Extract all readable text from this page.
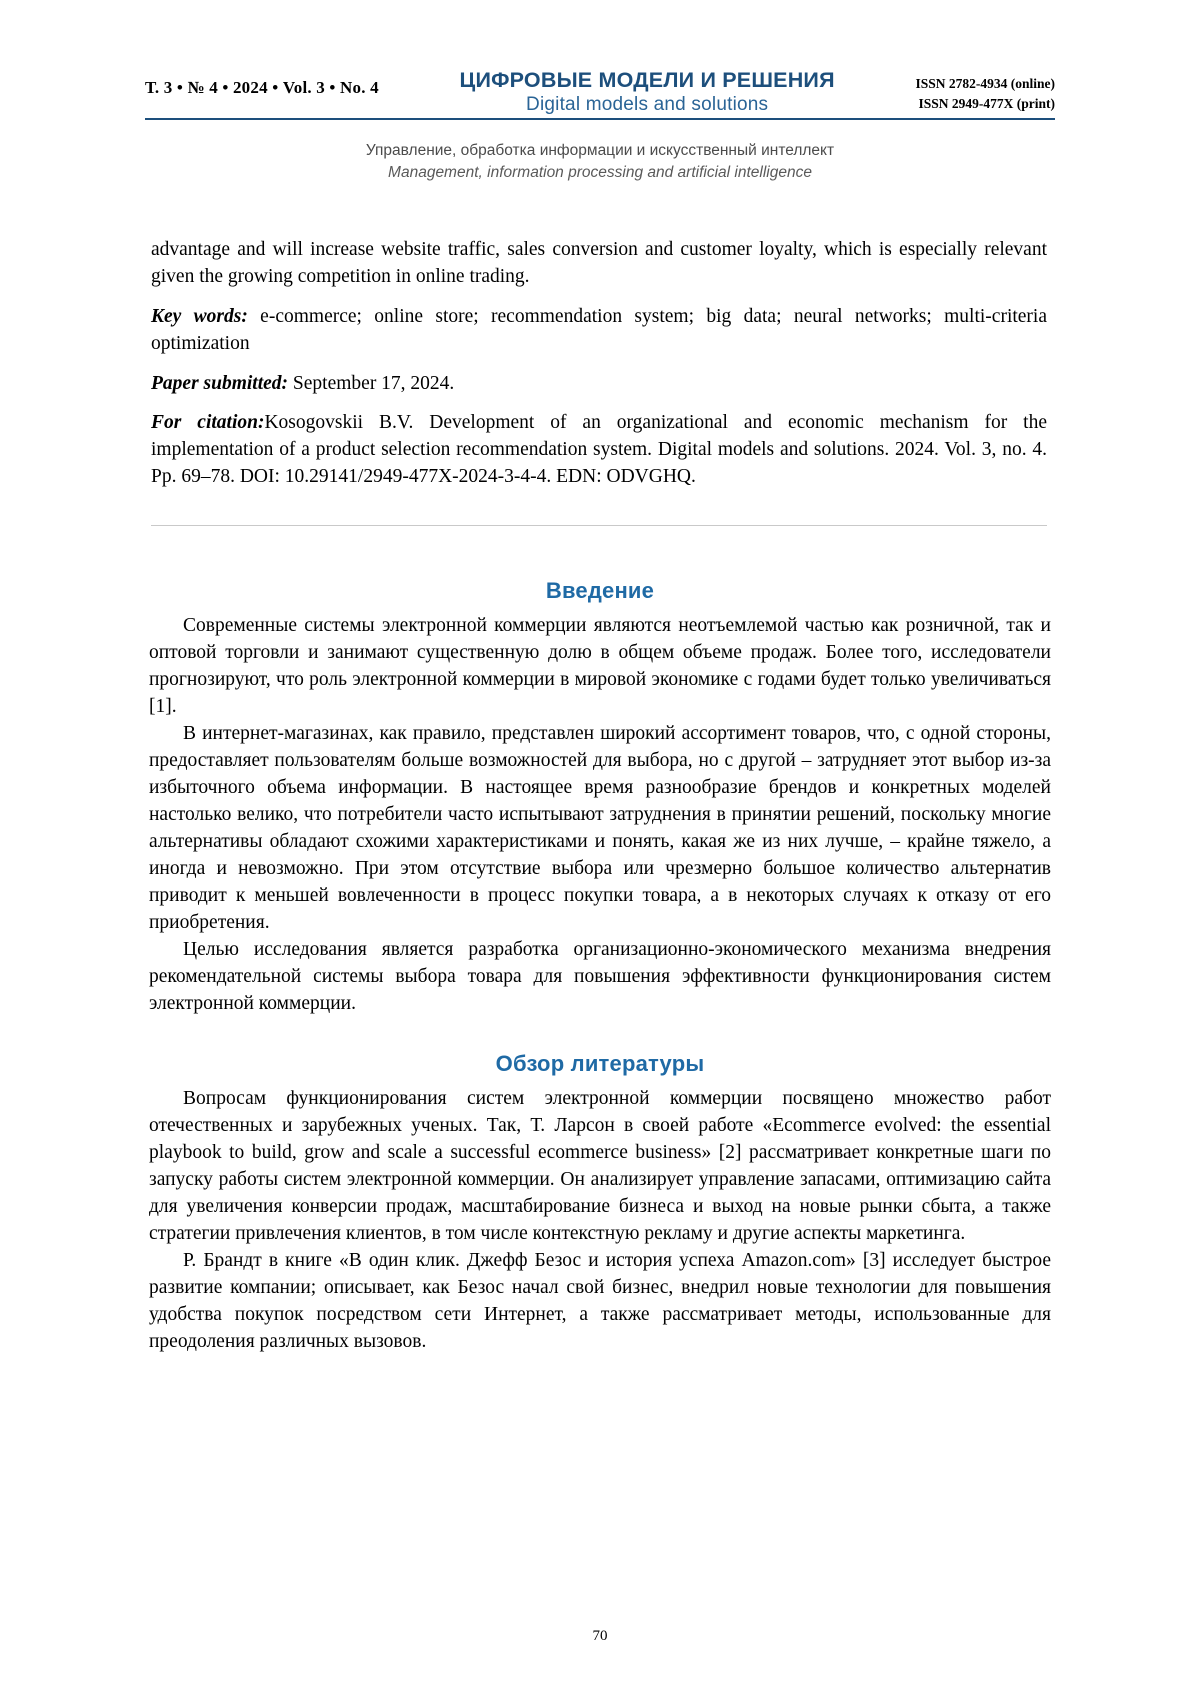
Т. 3 • № 4 • 2024 • Vol. 3 • No. 4	ЦИФРОВЫЕ МОДЕЛИ И РЕШЕНИЯ
Digital models and solutions
ISSN 2782-4934 (online)
ISSN 2949-477X (print)
Управление, обработка информации и искусственный интеллект
Management, information processing and artificial intelligence

advantage and will increase website traffic, sales conversion and customer loyalty, which is especially relevant given the growing competition in online trading.

Key words: e-commerce; online store; recommendation system; big data; neural networks; multi-criteria optimization

Paper submitted: September 17, 2024.

For citation:Kosogovskii B.V. Development of an organizational and economic mechanism for the implementation of a product selection recommendation system. Digital models and solutions. 2024. Vol. 3, no. 4. Pp. 69–78. DOI: 10.29141/2949-477X-2024-3-4-4. EDN: ODVGHQ.

Введение

Современные системы электронной коммерции являются неотъемлемой частью как розничной, так и оптовой торговли и занимают существенную долю в общем объеме продаж. Более того, исследователи прогнозируют, что роль электронной коммерции в мировой экономике с годами будет только увеличиваться [1].

В интернет-магазинах, как правило, представлен широкий ассортимент товаров, что, с одной стороны, предоставляет пользователям больше возможностей для выбора, но с другой – затрудняет этот выбор из-за избыточного объема информации. В настоящее время разнообразие брендов и конкретных моделей настолько велико, что потребители часто испытывают затруднения в принятии решений, поскольку многие альтернативы обладают схожими характеристиками и понять, какая же из них лучше, – крайне тяжело, а иногда и невозможно. При этом отсутствие выбора или чрезмерно большое количество альтернатив приводит к меньшей вовлеченности в процесс покупки товара, а в некоторых случаях к отказу от его приобретения.

Целью исследования является разработка организационно-экономического механизма внедрения рекомендательной системы выбора товара для повышения эффективности функционирования систем электронной коммерции.

Обзор литературы

Вопросам функционирования систем электронной коммерции посвящено множество работ отечественных и зарубежных ученых. Так, Т. Ларсон в своей работе «Ecommerce evolved: the essential playbook to build, grow and scale a successful ecommerce business» [2] рассматривает конкретные шаги по запуску работы систем электронной коммерции. Он анализирует управление запасами, оптимизацию сайта для увеличения конверсии продаж, масштабирование бизнеса и выход на новые рынки сбыта, а также стратегии привлечения клиентов, в том числе контекстную рекламу и другие аспекты маркетинга.

Р. Брандт в книге «В один клик. Джефф Безос и история успеха Amazon.com» [3] исследует быстрое развитие компании; описывает, как Безос начал свой бизнес, внедрил новые технологии для повышения удобства покупок посредством сети Интернет, а также рассматривает методы, использованные для преодоления различных вызовов.

70
